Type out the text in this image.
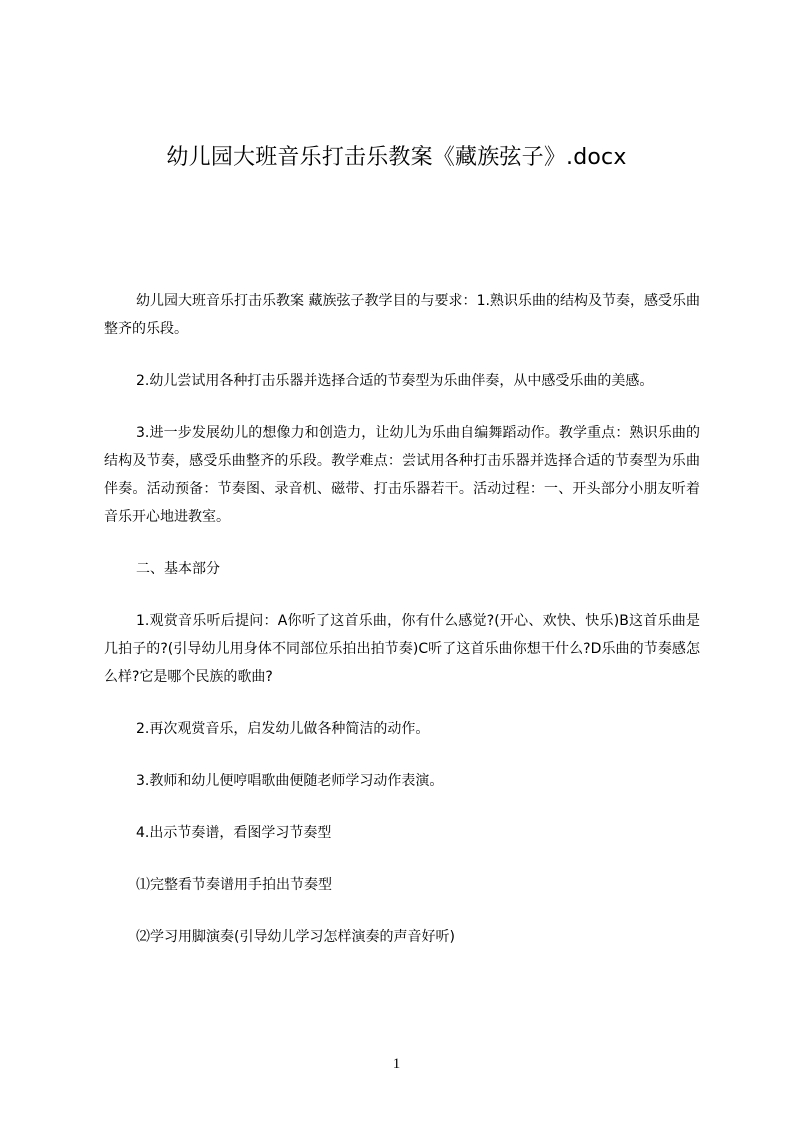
幼儿园大班音乐打击乐教案《藏族弦子》.docx

幼儿园大班音乐打击乐教案 藏族弦子教学目的与要求：1.熟识乐曲的结构及节奏，感受乐曲整齐的乐段。

2.幼儿尝试用各种打击乐器并选择合适的节奏型为乐曲伴奏，从中感受乐曲的美感。

3.进一步发展幼儿的想像力和创造力，让幼儿为乐曲自编舞蹈动作。教学重点：熟识乐曲的结构及节奏，感受乐曲整齐的乐段。教学难点：尝试用各种打击乐器并选择合适的节奏型为乐曲伴奏。活动预备：节奏图、录音机、磁带、打击乐器若干。活动过程：一、开头部分小朋友听着音乐开心地进教室。

二、基本部分

1.观赏音乐听后提问：A你听了这首乐曲，你有什么感觉?(开心、欢快、快乐)B这首乐曲是几拍子的?(引导幼儿用身体不同部位乐拍出拍节奏)C听了这首乐曲你想干什么?D乐曲的节奏感怎么样?它是哪个民族的歌曲?

2.再次观赏音乐，启发幼儿做各种简洁的动作。

3.教师和幼儿便哼唱歌曲便随老师学习动作表演。

4.出示节奏谱，看图学习节奏型

⑴完整看节奏谱用手拍出节奏型

⑵学习用脚演奏(引导幼儿学习怎样演奏的声音好听)

1
